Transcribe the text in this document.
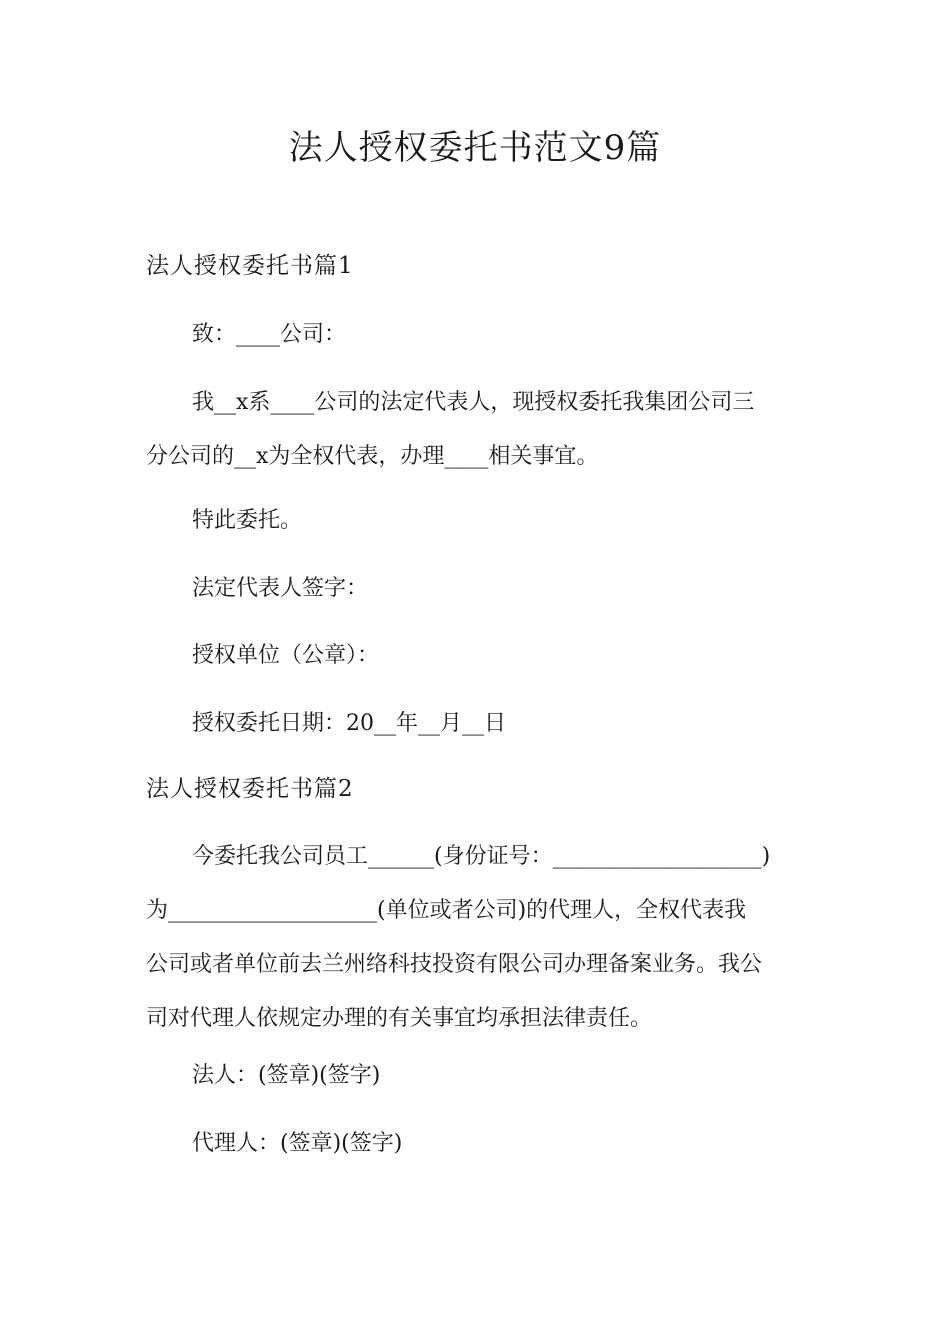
法人授权委托书范文9篇
法人授权委托书篇1
致：____公司：
我__x系____公司的法定代表人，现授权委托我集团公司三
分公司的__x为全权代表，办理____相关事宜。
特此委托。
法定代表人签字：
授权单位（公章）：
授权委托日期：20__年__月__日
法人授权委托书篇2
今委托我公司员工______(身份证号：___________________)
为___________________(单位或者公司)的代理人，全权代表我
公司或者单位前去兰州络科技投资有限公司办理备案业务。我公
司对代理人依规定办理的有关事宜均承担法律责任。
法人：(签章)(签字)
代理人：(签章)(签字)
